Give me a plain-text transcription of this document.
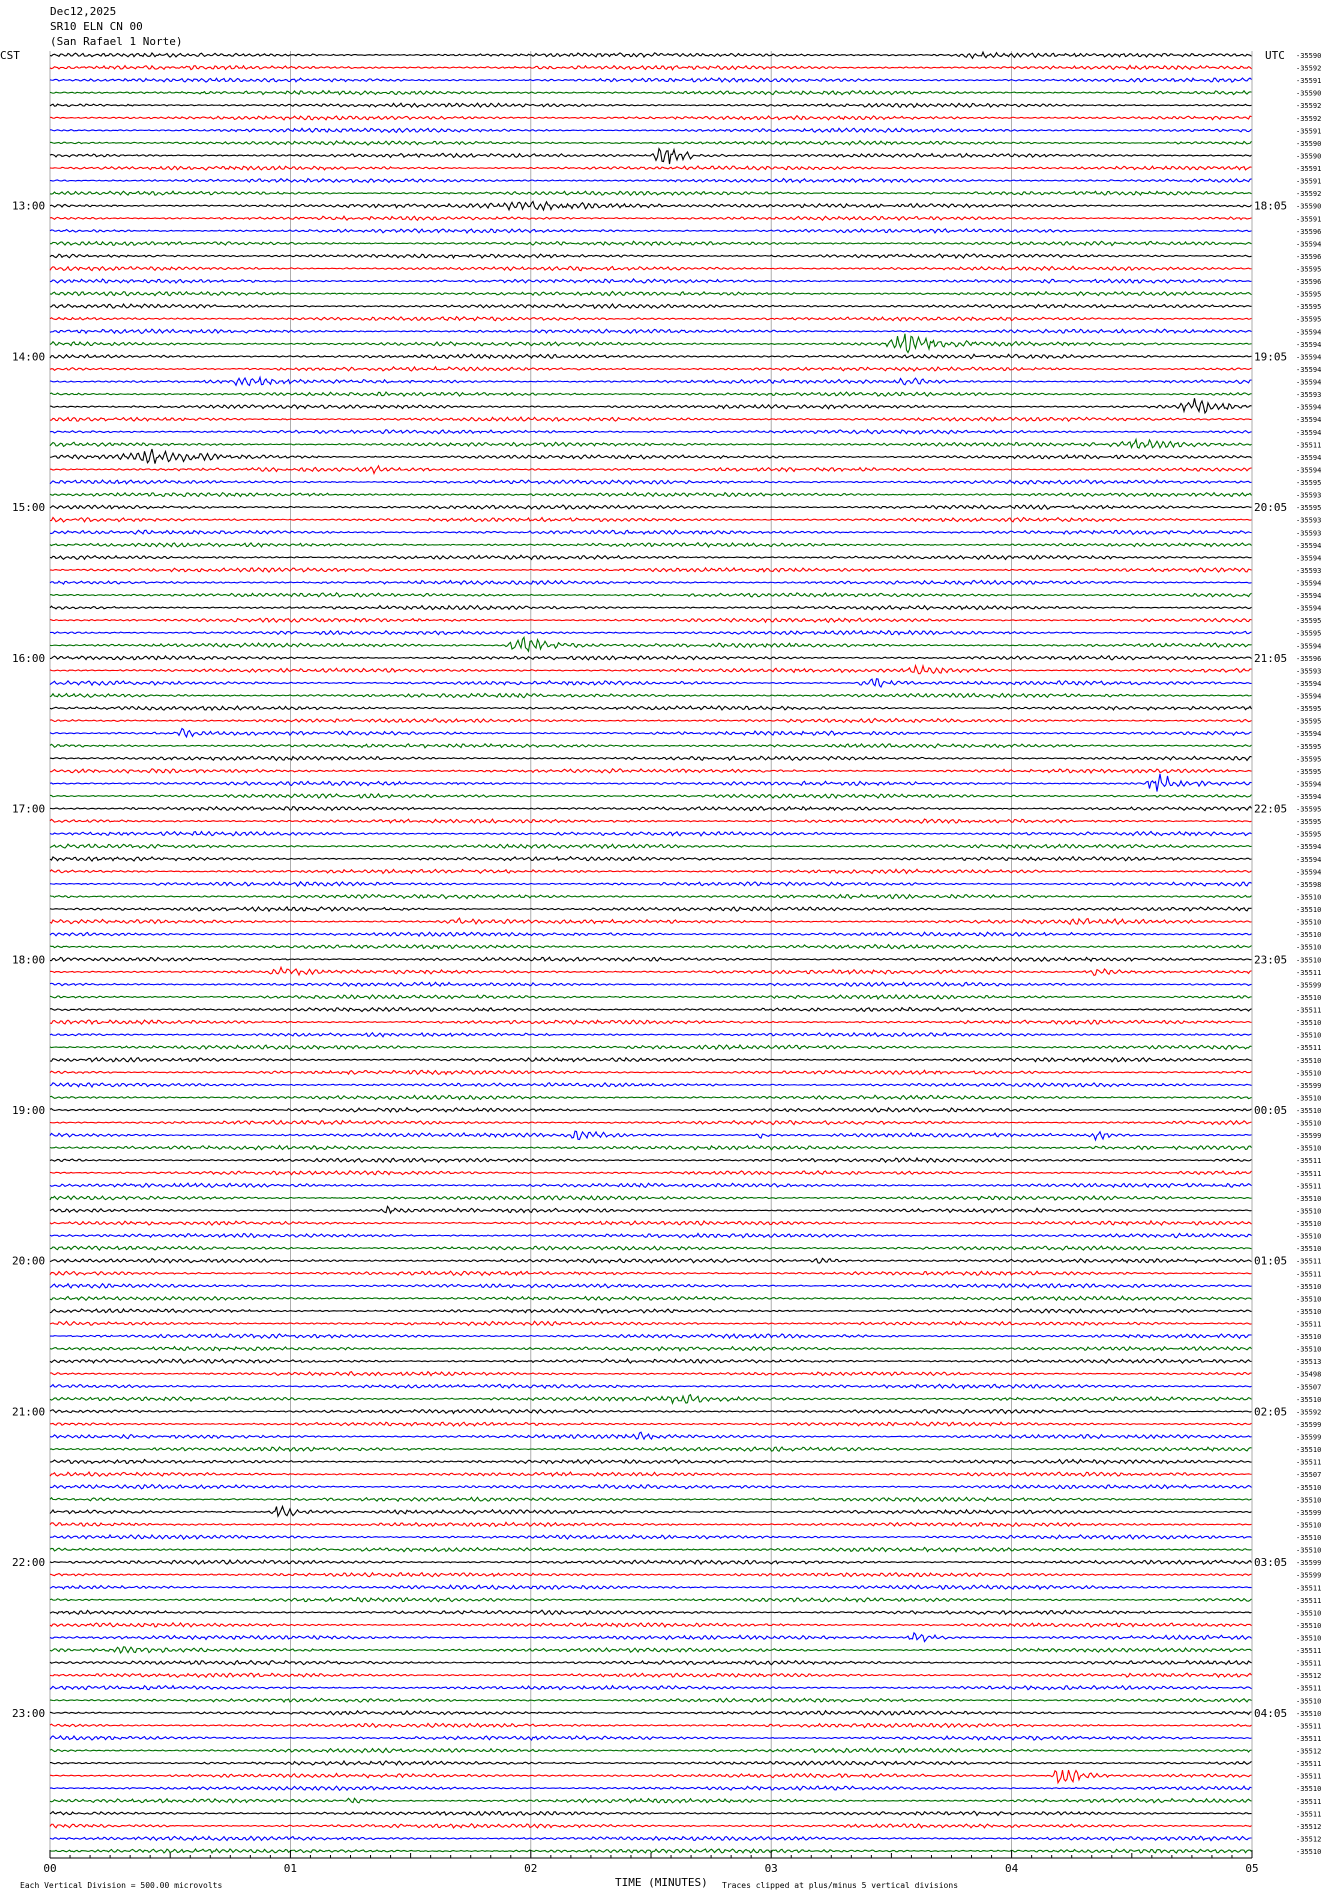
-35590
-35592
-35591
-35590
-35592
-35592
-35591
-35590
-35590
-35591
-35591
-35592
-35590
-35591
-35596
-35594
-35596
-35595
-35596
-35595
-35595
-35595
-35594
-35594
-35594
-35594
-35594
-35593
-35594
-35594
-35594
-35511
-35594
-35594
-35595
-35593
-35595
-35593
-35593
-35594
-35594
-35593
-35594
-35594
-35594
-35595
-35595
-35594
-35596
-35593
-35594
-35594
-35595
-35595
-35594
-35595
-35595
-35595
-35594
-35594
-35595
-35595
-35595
-35594
-35594
-35594
-35598
-35510
-35510
-35510
-35510
-35510
-35510
-35511
-35599
-35510
-35511
-35510
-35510
-35511
-35510
-35510
-35599
-35510
-35510
-35510
-35599
-35510
-35511
-35511
-35511
-35510
-35510
-35510
-35510
-35510
-35511
-35511
-35510
-35510
-35510
-35511
-35510
-35510
-35513
-35498
-35507
-35510
-35592
-35599
-35599
-35510
-35511
-35507
-35510
-35510
-35599
-35510
-35510
-35510
-35599
-35599
-35511
-35511
-35510
-35510
-35510
-35511
-35511
-35512
-35511
-35510
-35510
-35511
-35511
-35512
-35511
-35511
-35510
-35511
-35511
-35512
-35512
-35510
13:00
14:00
15:00
16:00
17:00
18:00
19:00
20:00
21:00
22:00
23:00
18:05
19:05
20:05
21:05
22:05
23:05
00:05
01:05
02:05
03:05
04:05
00	01	02	03	04	05
Dec12,2025
SR10 ELN CN 00
(San Rafael 1 Norte)
CST	UTC
Each Vertical Division = 500.00 microvolts	TIME (MINUTES) Traces clipped at plus/minus 5 vertical divisions
